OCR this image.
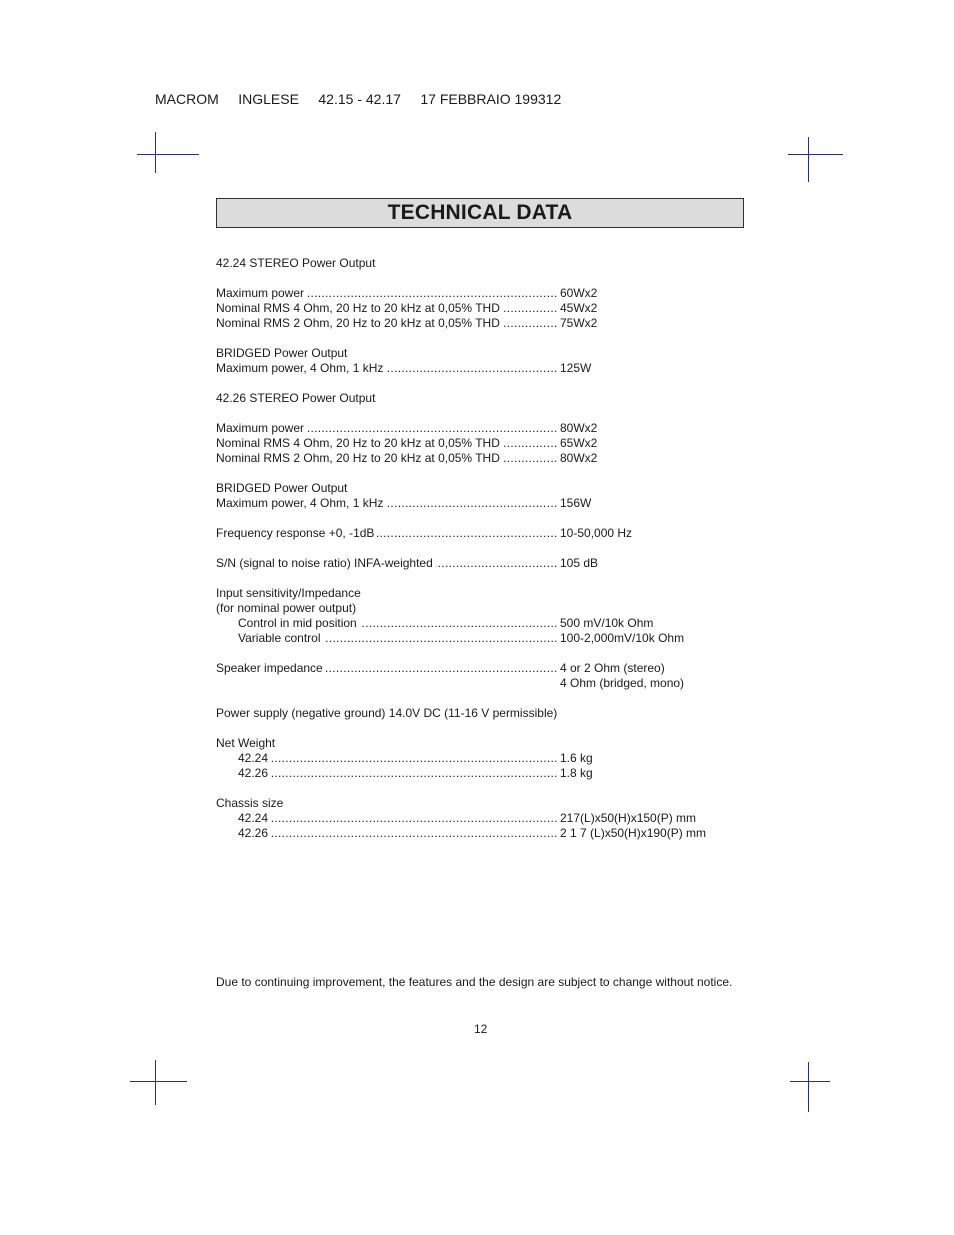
MACROM INGLESE 42.15 - 42.17 17 FEBBRAIO 199312
TECHNICAL DATA
42.24 STEREO Power Output
Maximum power .....	60Wx2
Nominal RMS 4 Ohm, 20 Hz to 20 kHz at 0,05% THD .....	45Wx2
Nominal RMS 2 Ohm, 20 Hz to 20 kHz at 0,05% THD .....	75Wx2
BRIDGED Power Output
Maximum power, 4 Ohm, 1 kHz .....	125W
42.26 STEREO Power Output
Maximum power .....	80Wx2
Nominal RMS 4 Ohm, 20 Hz to 20 kHz at 0,05% THD .....	65Wx2
Nominal RMS 2 Ohm, 20 Hz to 20 kHz at 0,05% THD .....	80Wx2
BRIDGED Power Output
Maximum power, 4 Ohm, 1 kHz .....	156W
Frequency response +0, -1dB .....	10-50,000 Hz
S/N (signal to noise ratio) INFA-weighted .....	105 dB
Input sensitivity/Impedance
(for nominal power output)
Control in mid position .....	500 mV/10k Ohm
Variable control .....	100-2,000mV/10k Ohm
Speaker impedance .....	4 or 2 Ohm (stereo)
4 Ohm (bridged, mono)
Power supply (negative ground) 14.0V DC (11-16 V permissible)
Net Weight
42.24 .....	1.6 kg
42.26 .....	1.8 kg
Chassis size
42.24 .....	217(L)x50(H)x150(P) mm
42.26 .....	2 1 7 (L)x50(H)x190(P) mm
Due to continuing improvement, the features and the design are subject to change without notice.
12
